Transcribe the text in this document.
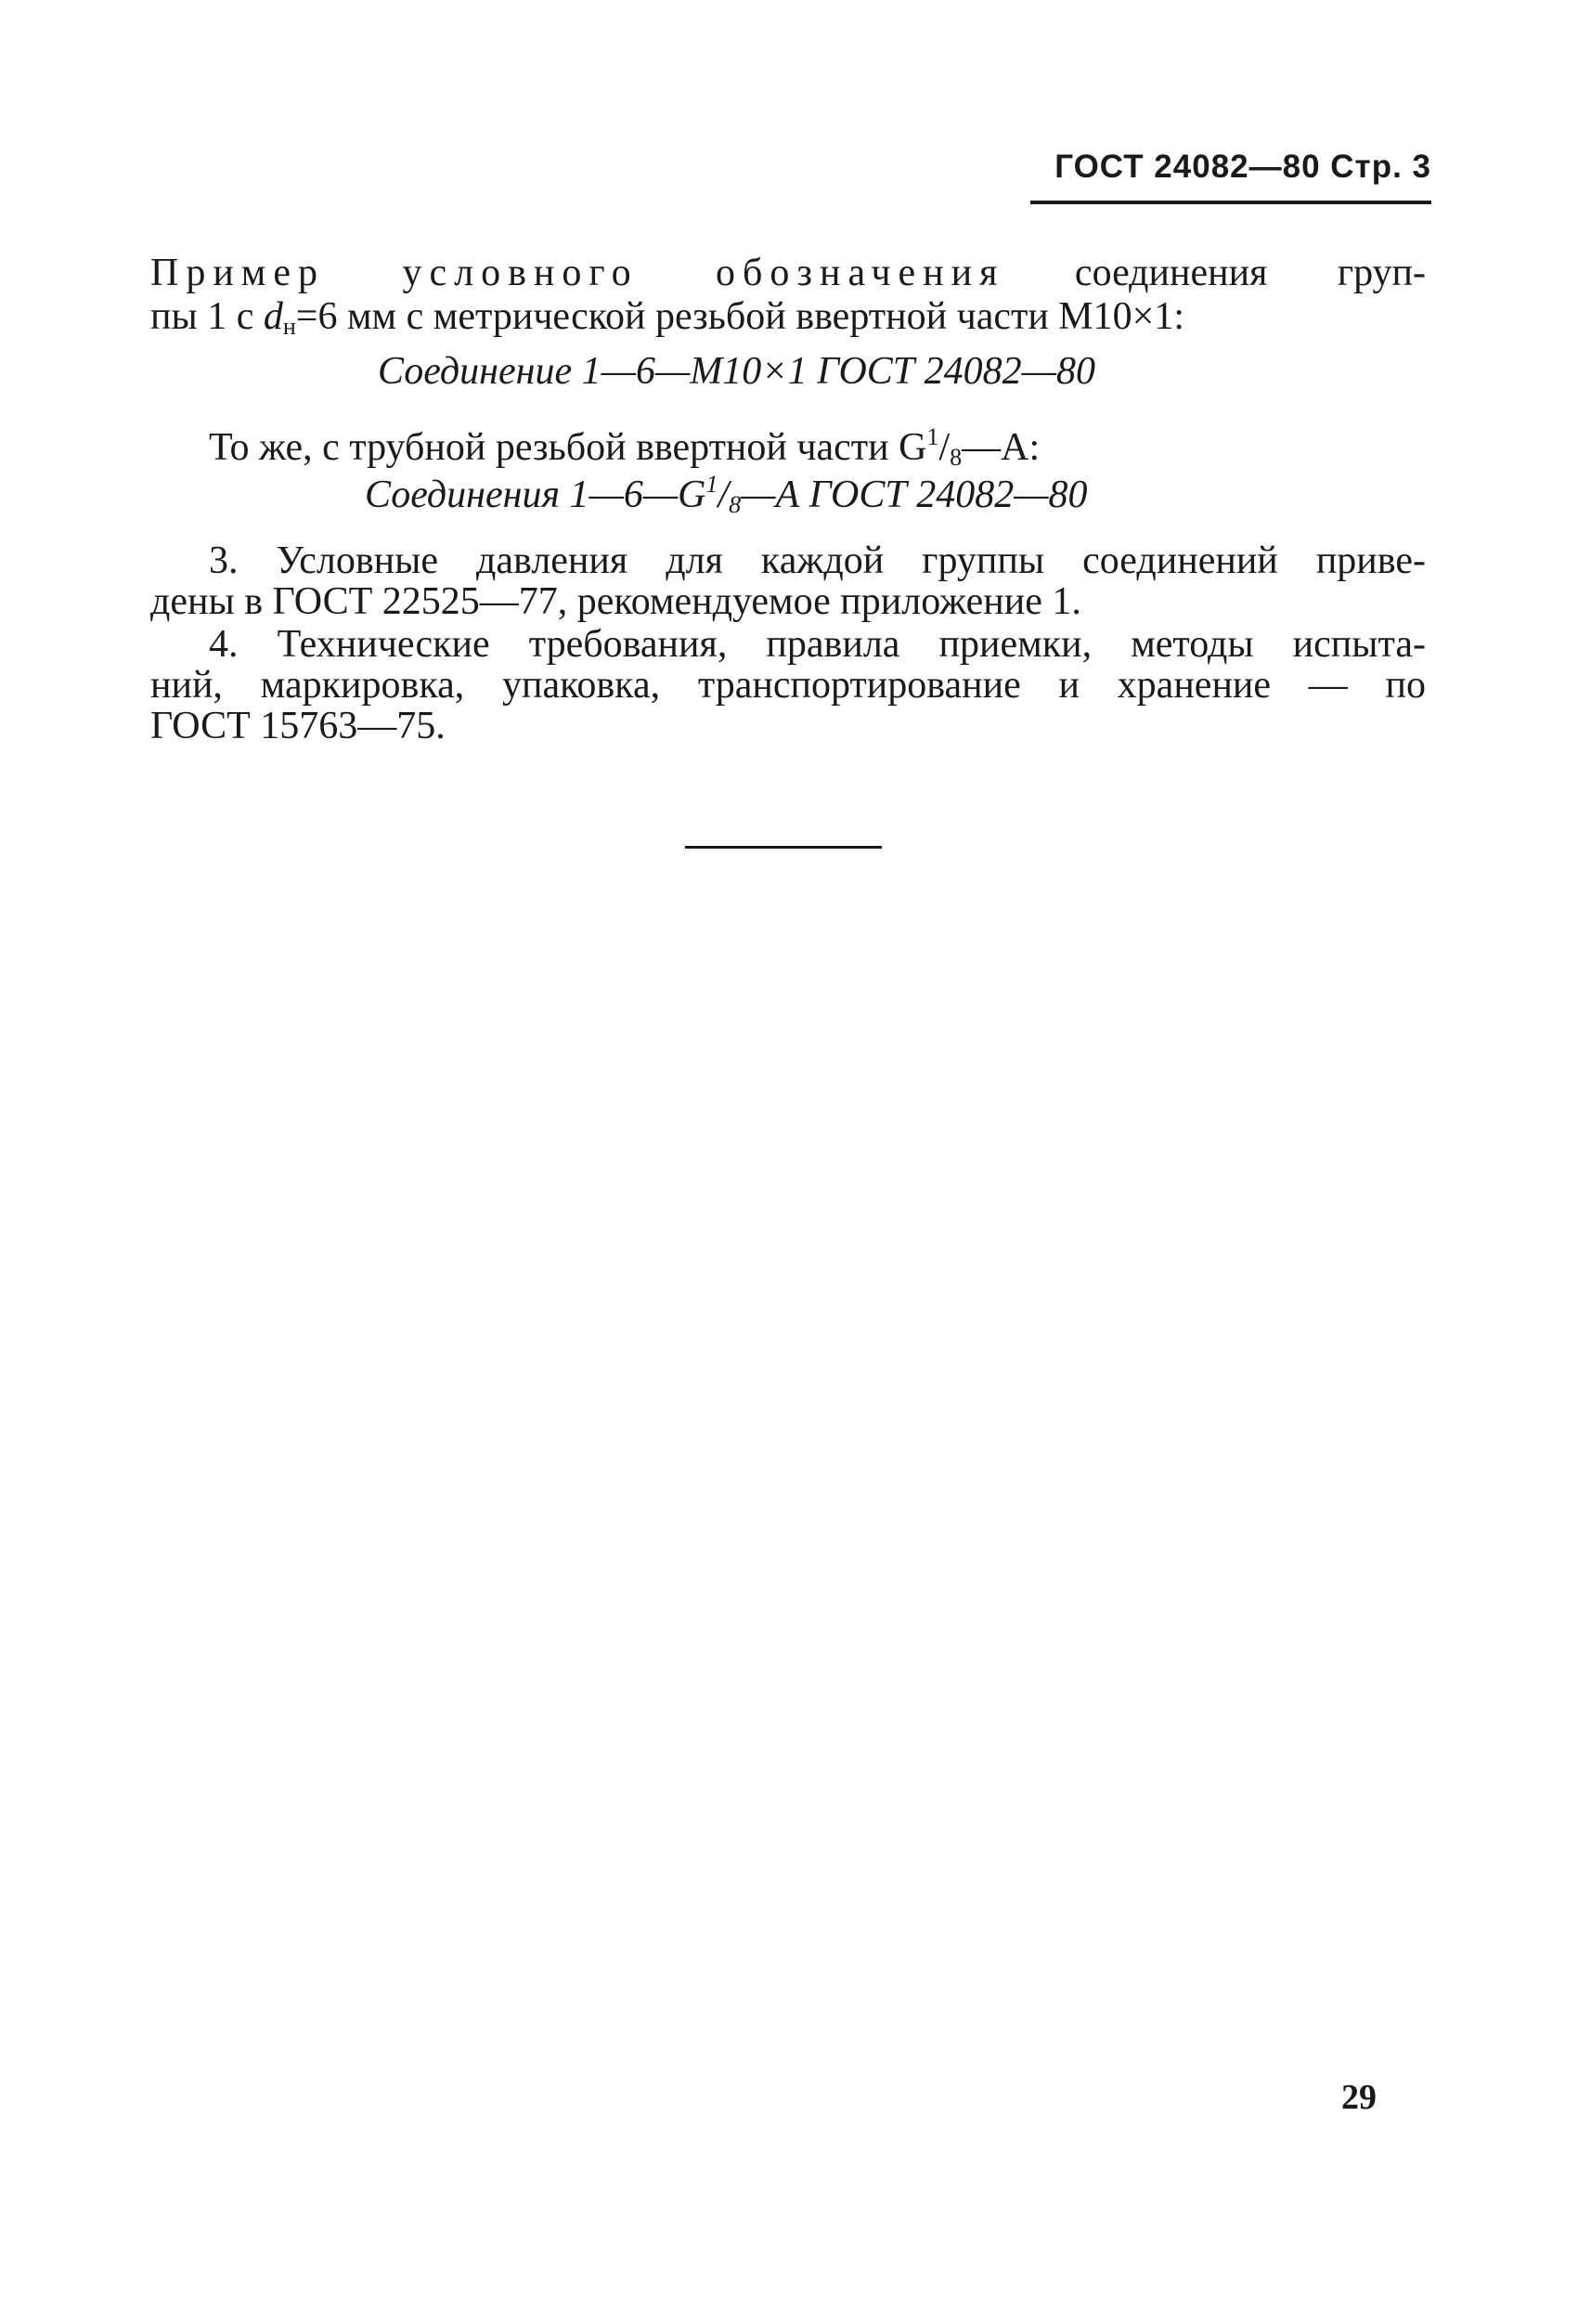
ГОСТ 24082—80 Стр. 3
Пример условного обозначения соединения груп-
пы 1 с $d_н=6$ мм с метрической резьбой ввертной части М10×1:
Соединение 1—6—М10×1 ГОСТ 24082—80
То же, с трубной резьбой ввертной части $G^1/_8—А$:
Соединения $1—6—G^1/8—А$ ГОСТ 24082—80
3. Условные давления для каждой группы соединений приве-
дены в ГОСТ 22525—77, рекомендуемое приложение 1.
4. Технические требования, правила приемки, методы испыта-
ний, маркировка, упаковка, транспортирование и хранение — по
ГОСТ 15763—75.
29
